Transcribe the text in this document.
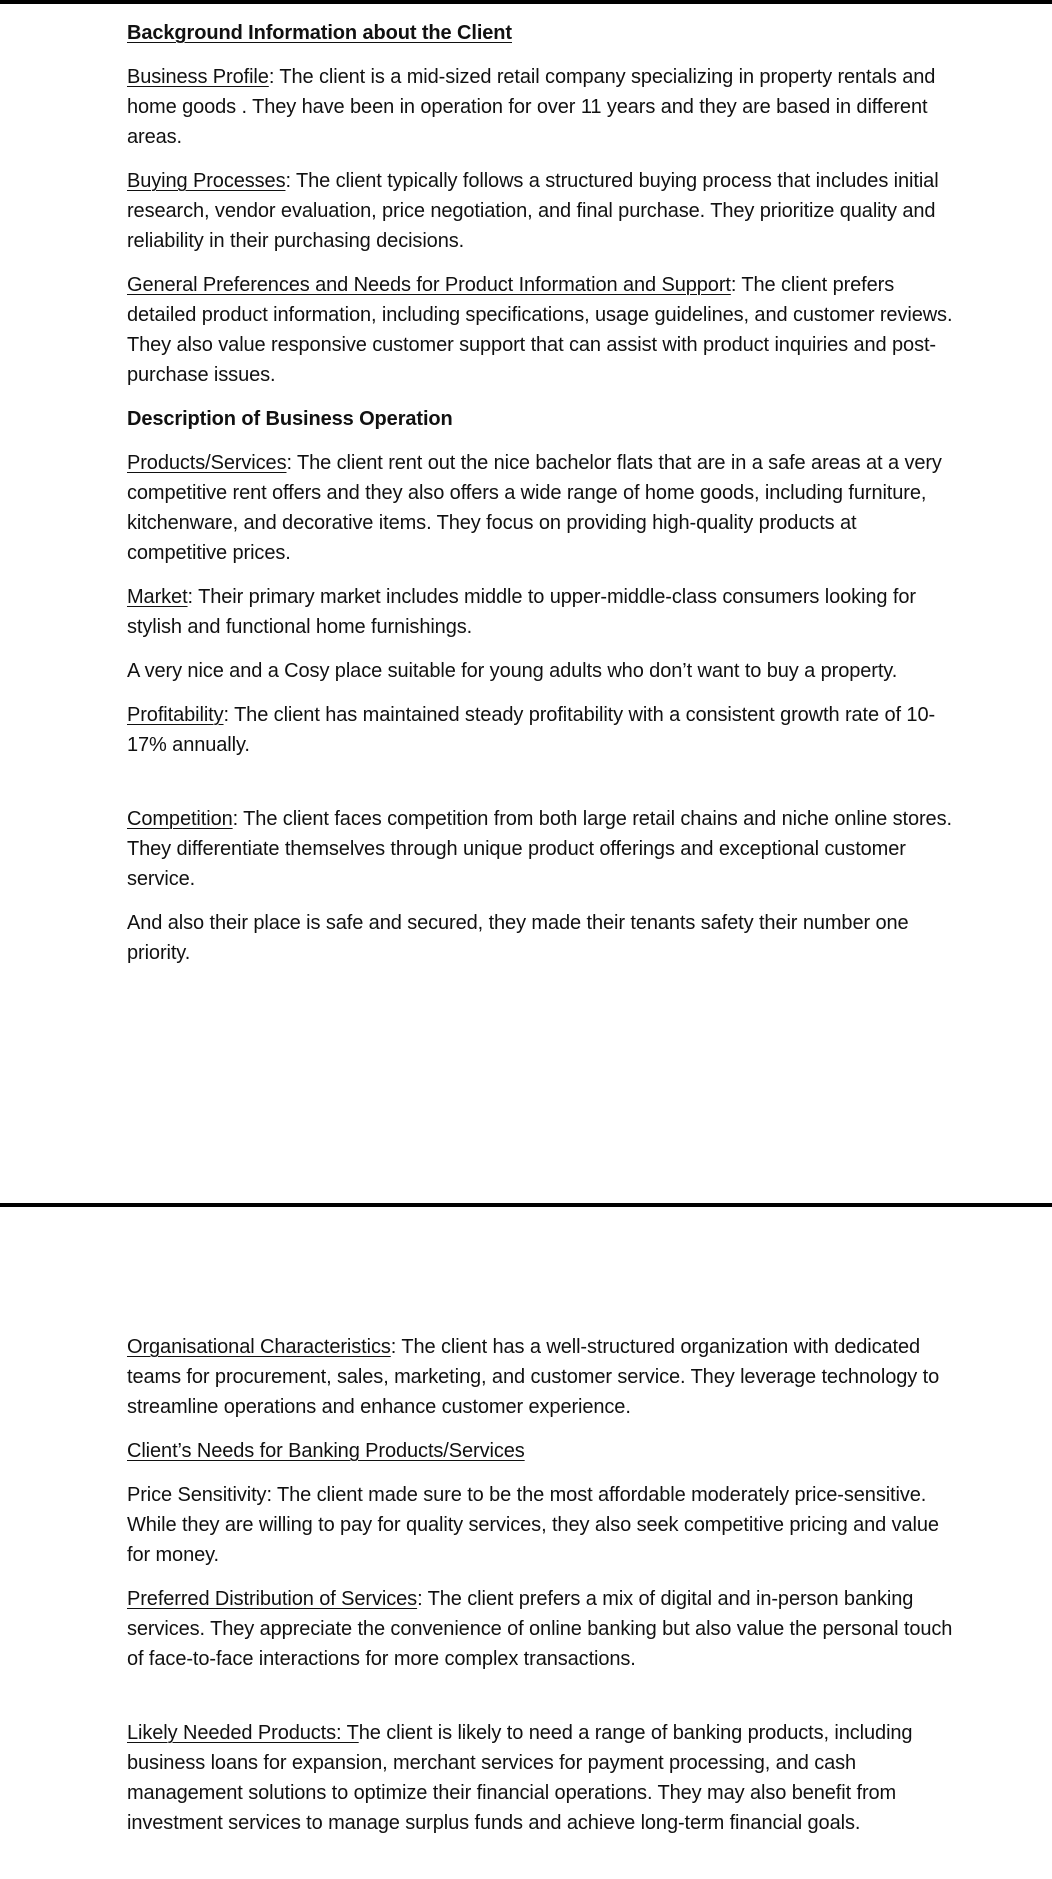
Background Information about the Client

Business Profile: The client is a mid-sized retail company specializing in property rentals and home goods . They have been in operation for over 11 years and they are based in different areas.

Buying Processes: The client typically follows a structured buying process that includes initial research, vendor evaluation, price negotiation, and final purchase. They prioritize quality and reliability in their purchasing decisions.

General Preferences and Needs for Product Information and Support: The client prefers detailed product information, including specifications, usage guidelines, and customer reviews. They also value responsive customer support that can assist with product inquiries and post-purchase issues.

Description of Business Operation

Products/Services: The client rent out the nice bachelor flats that are in a safe areas at a very competitive rent offers and they also offers a wide range of home goods, including furniture, kitchenware, and decorative items. They focus on providing high-quality products at competitive prices.

Market: Their primary market includes middle to upper-middle-class consumers looking for stylish and functional home furnishings.

A very nice and a Cosy place suitable for young adults who don’t want to buy a property.

Profitability: The client has maintained steady profitability with a consistent growth rate of 10-17% annually.

Competition: The client faces competition from both large retail chains and niche online stores. They differentiate themselves through unique product offerings and exceptional customer service.

And also their place is safe and secured, they made their tenants safety their number one priority.

Organisational Characteristics: The client has a well-structured organization with dedicated teams for procurement, sales, marketing, and customer service. They leverage technology to streamline operations and enhance customer experience.

Client’s Needs for Banking Products/Services

Price Sensitivity: The client made sure to be the most affordable moderately price-sensitive. While they are willing to pay for quality services, they also seek competitive pricing and value for money.

Preferred Distribution of Services: The client prefers a mix of digital and in-person banking services. They appreciate the convenience of online banking but also value the personal touch of face-to-face interactions for more complex transactions.

Likely Needed Products: The client is likely to need a range of banking products, including business loans for expansion, merchant services for payment processing, and cash management solutions to optimize their financial operations. They may also benefit from investment services to manage surplus funds and achieve long-term financial goals.
